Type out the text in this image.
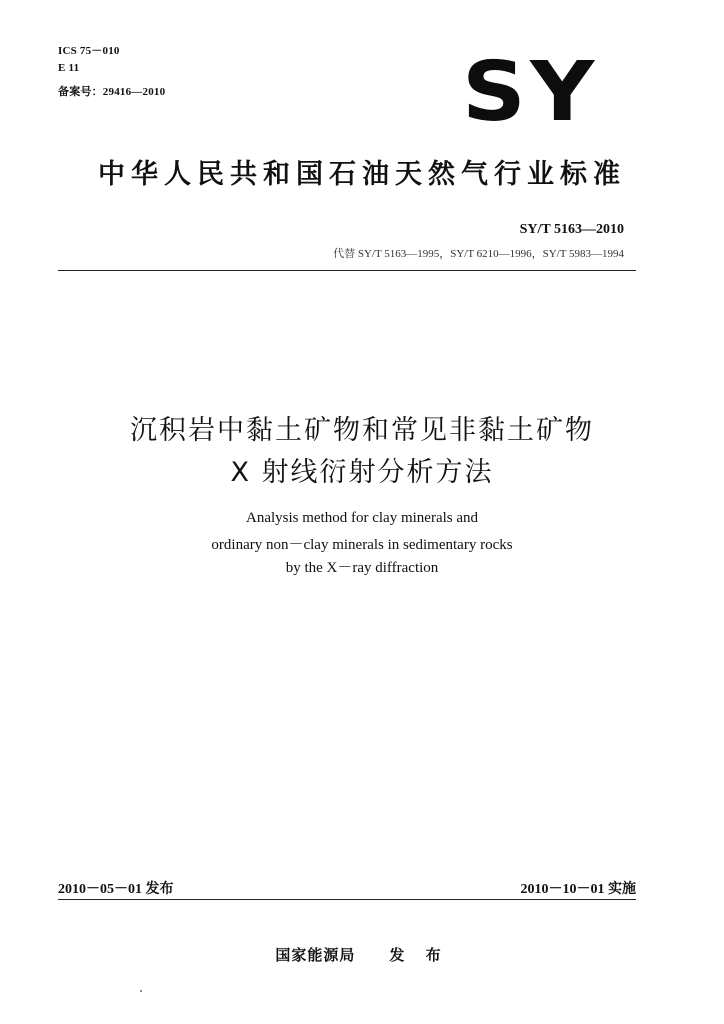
ICS 75－010
E 11
备案号：29416—2010	SY
中华人民共和国石油天然气行业标准
SY/T 5163—2010
代替 SY/T 5163—1995，SY/T 6210—1996，SY/T 5983—1994
沉积岩中黏土矿物和常见非黏土矿物
X 射线衍射分析方法
Analysis method for clay minerals and
ordinary non－clay minerals in sedimentary rocks
by the X－ray diffraction
2010－05－01 发布	2010－10－01 实施
国家能源局 发 布
